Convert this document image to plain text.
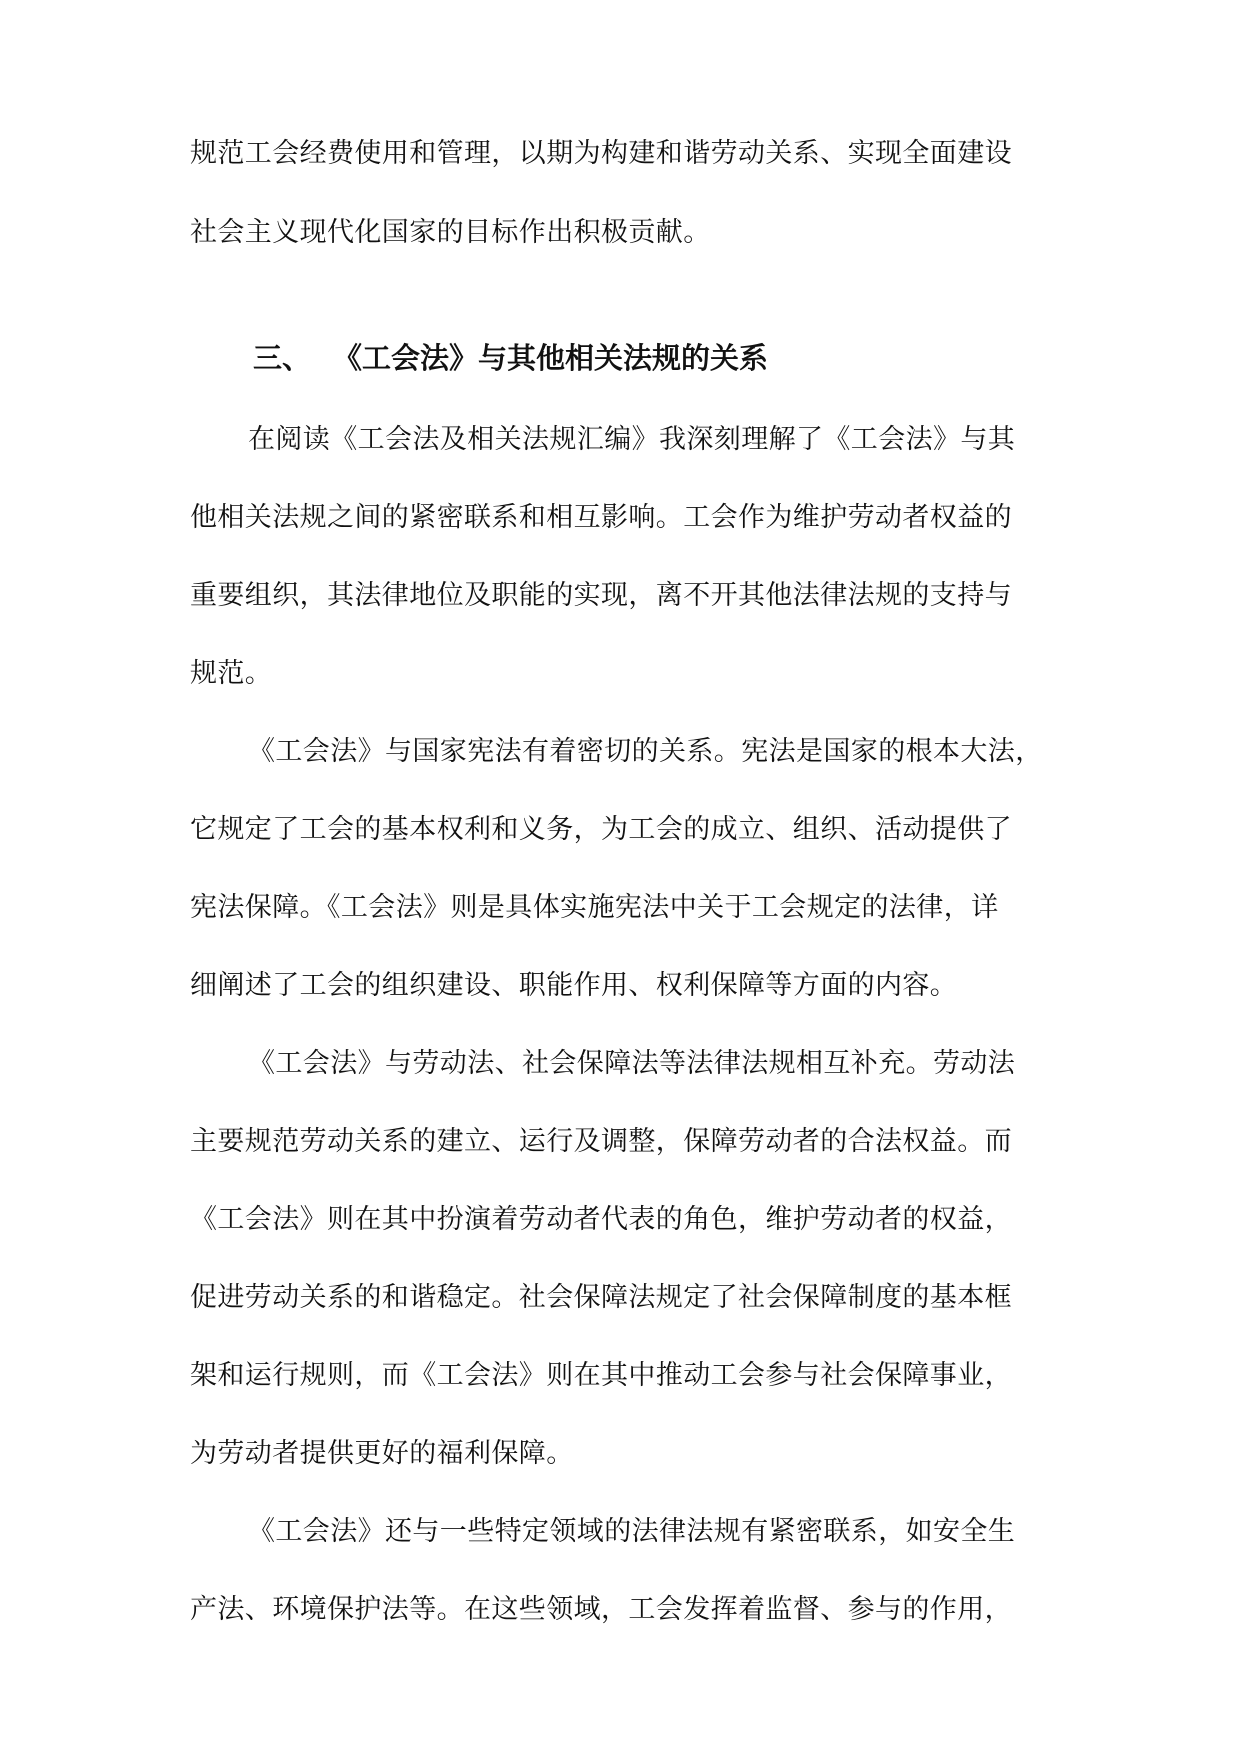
规范工会经费使用和管理，以期为构建和谐劳动关系、实现全面建设
社会主义现代化国家的目标作出积极贡献。
三、 《工会法》与其他相关法规的关系
在阅读《工会法及相关法规汇编》我深刻理解了《工会法》与其
他相关法规之间的紧密联系和相互影响。工会作为维护劳动者权益的
重要组织，其法律地位及职能的实现，离不开其他法律法规的支持与
规范。
《工会法》与国家宪法有着密切的关系。宪法是国家的根本大法，
它规定了工会的基本权利和义务，为工会的成立、组织、活动提供了
宪法保障。《工会法》则是具体实施宪法中关于工会规定的法律，详
细阐述了工会的组织建设、职能作用、权利保障等方面的内容。
《工会法》与劳动法、社会保障法等法律法规相互补充。劳动法
主要规范劳动关系的建立、运行及调整，保障劳动者的合法权益。而
《工会法》则在其中扮演着劳动者代表的角色，维护劳动者的权益，
促进劳动关系的和谐稳定。社会保障法规定了社会保障制度的基本框
架和运行规则，而《工会法》则在其中推动工会参与社会保障事业，
为劳动者提供更好的福利保障。
《工会法》还与一些特定领域的法律法规有紧密联系，如安全生
产法、环境保护法等。在这些领域，工会发挥着监督、参与的作用，
